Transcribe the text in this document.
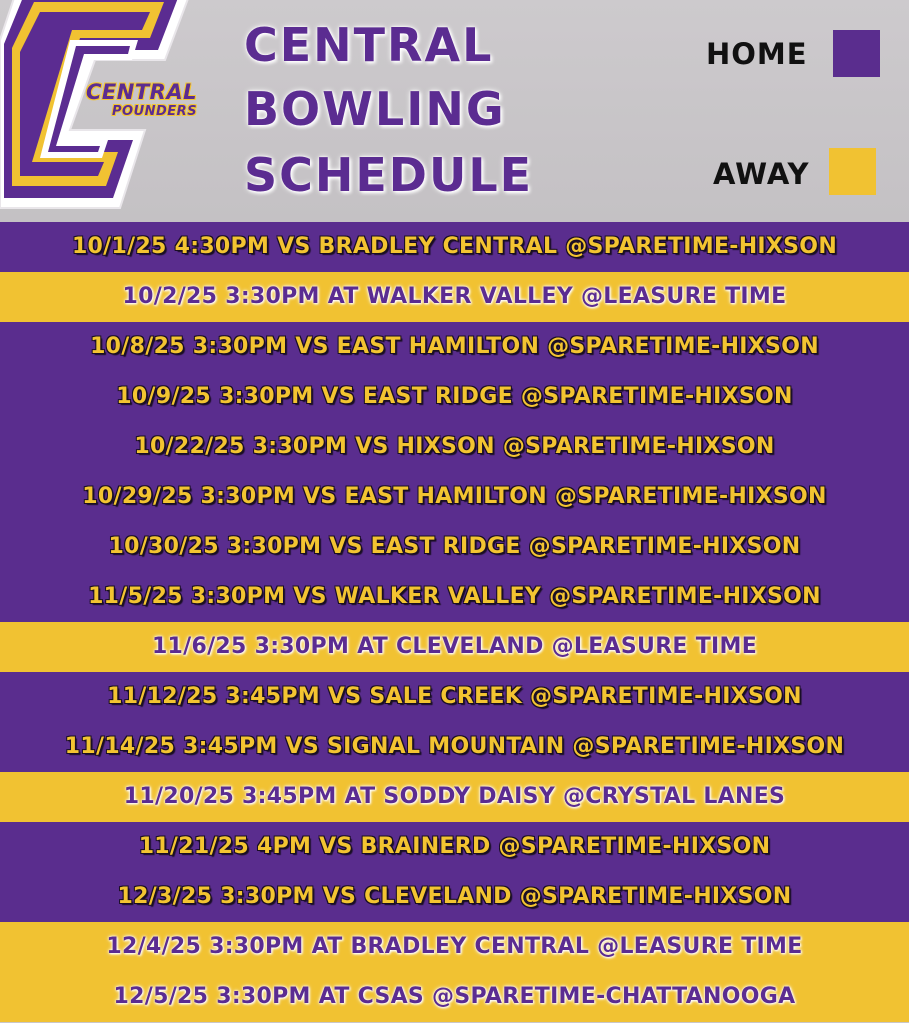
CENTRAL
POUNDERS
CENTRAL
BOWLING
SCHEDULE
HOME
AWAY
10/1/25 4:30PM VS BRADLEY CENTRAL @SPARETIME-HIXSON
10/2/25 3:30PM AT WALKER VALLEY @LEASURE TIME
10/8/25 3:30PM VS EAST HAMILTON @SPARETIME-HIXSON
10/9/25 3:30PM VS EAST RIDGE @SPARETIME-HIXSON
10/22/25 3:30PM VS HIXSON @SPARETIME-HIXSON
10/29/25 3:30PM VS EAST HAMILTON @SPARETIME-HIXSON
10/30/25 3:30PM VS EAST RIDGE @SPARETIME-HIXSON
11/5/25 3:30PM VS WALKER VALLEY @SPARETIME-HIXSON
11/6/25 3:30PM AT CLEVELAND @LEASURE TIME
11/12/25 3:45PM VS SALE CREEK @SPARETIME-HIXSON
11/14/25 3:45PM VS SIGNAL MOUNTAIN @SPARETIME-HIXSON
11/20/25 3:45PM AT SODDY DAISY @CRYSTAL LANES
11/21/25 4PM VS BRAINERD @SPARETIME-HIXSON
12/3/25 3:30PM VS CLEVELAND @SPARETIME-HIXSON
12/4/25 3:30PM AT BRADLEY CENTRAL @LEASURE TIME
12/5/25 3:30PM AT CSAS @SPARETIME-CHATTANOOGA
